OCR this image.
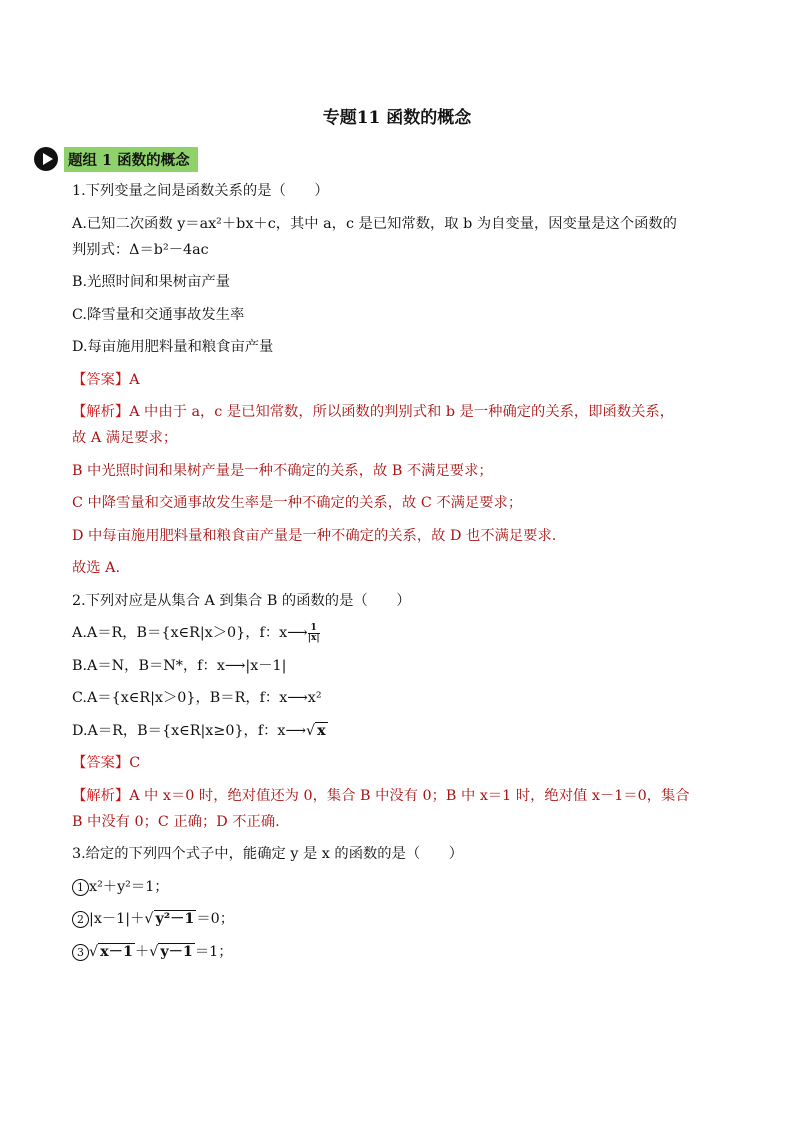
专题11 函数的概念
题组 1 函数的概念
1.下列变量之间是函数关系的是（　　）
A.已知二次函数 y＝ax²＋bx＋c，其中 a，c 是已知常数，取 b 为自变量，因变量是这个函数的
判别式：Δ＝b²－4ac
B.光照时间和果树亩产量
C.降雪量和交通事故发生率
D.每亩施用肥料量和粮食亩产量
【答案】A
【解析】A 中由于 a，c 是已知常数，所以函数的判别式和 b 是一种确定的关系，即函数关系，
故 A 满足要求；
B 中光照时间和果树产量是一种不确定的关系，故 B 不满足要求；
C 中降雪量和交通事故发生率是一种不确定的关系，故 C 不满足要求；
D 中每亩施用肥料量和粮食亩产量是一种不确定的关系，故 D 也不满足要求.
故选 A.
2.下列对应是从集合 A 到集合 B 的函数的是（　　）
A.A＝R，B＝{x∈R|x＞0}，f：x⟶ $\frac{1}{|x|}$
B.A＝N，B＝N*，f：x⟶|x－1|
C.A＝{x∈R|x＞0}，B＝R，f：x⟶x²
D.A＝R，B＝{x∈R|x≥0}，f：x⟶√ x
【答案】C
【解析】A 中 x＝0 时，绝对值还为 0，集合 B 中没有 0；B 中 x＝1 时，绝对值 x－1＝0，集合
B 中没有 0；C 正确；D 不正确.
3.给定的下列四个式子中，能确定 y 是 x 的函数的是（　　）
1 x²＋y²＝1；
2 |x－1|＋√ y²－1 ＝0；
3 √ x－1 ＋√ y－1 ＝1；
